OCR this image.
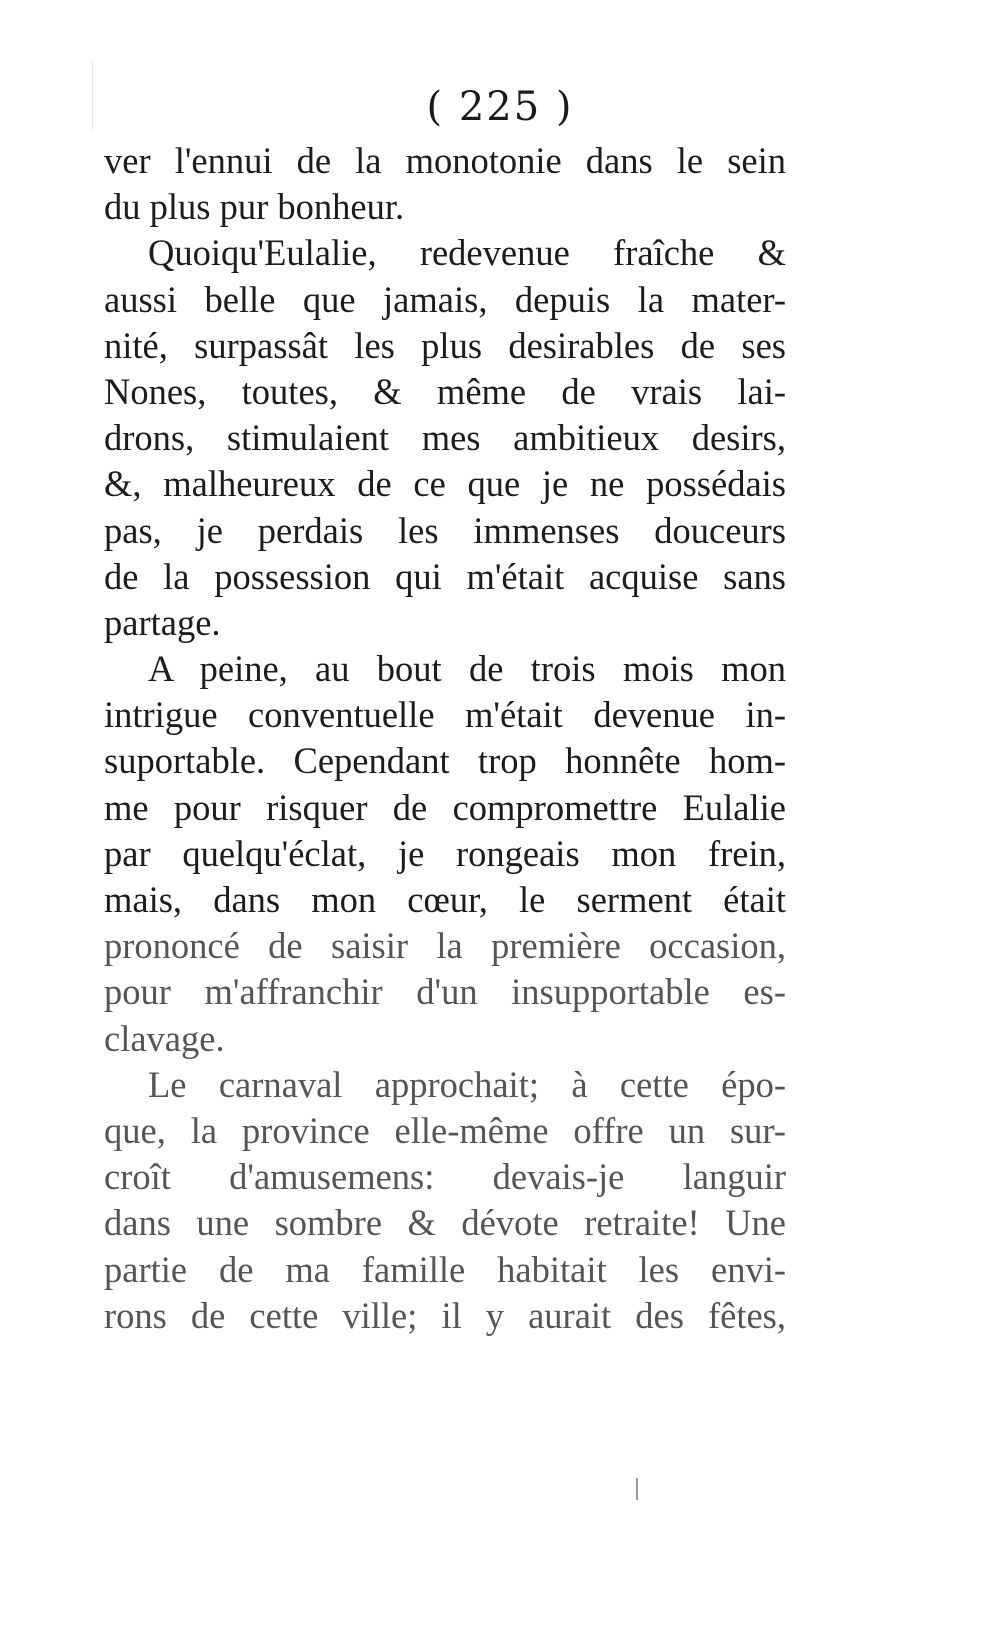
( 225 )
ver l'ennui de la monotonie dans le sein
du plus pur bonheur.
Quoiqu'Eulalie, redevenue fraîche &
aussi belle que jamais, depuis la mater-
nité, surpassât les plus desirables de ses
Nones, toutes, & même de vrais lai-
drons, stimulaient mes ambitieux desirs,
&, malheureux de ce que je ne possédais
pas, je perdais les immenses douceurs
de la possession qui m'était acquise sans
partage.
A peine, au bout de trois mois mon
intrigue conventuelle m'était devenue in-
suportable. Cependant trop honnête hom-
me pour risquer de compromettre Eulalie
par quelqu'éclat, je rongeais mon frein,
mais, dans mon cœur, le serment était
prononcé de saisir la première occasion,
pour m'affranchir d'un insupportable es-
clavage.
Le carnaval approchait; à cette épo-
que, la province elle-même offre un sur-
croît d'amusemens: devais-je languir
dans une sombre & dévote retraite! Une
partie de ma famille habitait les envi-
rons de cette ville; il y aurait des fêtes,
